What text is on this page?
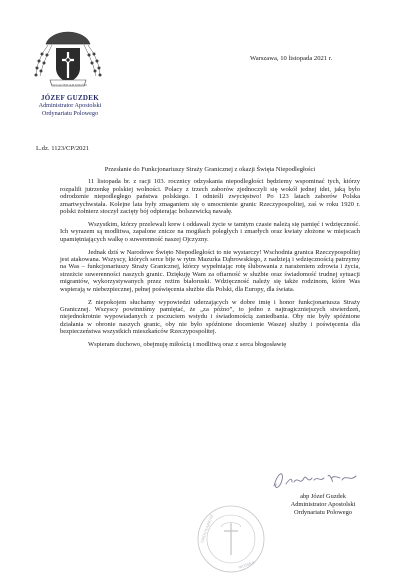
VIVO AUTEM IAM NON EGO
JÓZEF GUZDEK
Administrator Apostolski
Ordynariatu Polowego
Warszawa, 10 listopada 2021 r.
L.dz. 1123/CP/2021

Przesłanie do Funkcjonariuszy Straży Granicznej z okazji Święta Niepodległości

11 listopada br. z racji 103. rocznicy odzyskania niepodległości będziemy wspominać tych, którzy rozpalili jutrzenkę polskiej wolności. Polacy z trzech zaborów zjednoczyli się wokół jednej idei, jaką było odrodzenie niepodległego państwa polskiego. I odnieśli zwycięstwo! Po 123 latach zaborów Polska zmartwychwstała. Kolejne lata były zmaganiem się o umocnienie granic Rzeczypospolitej, zaś w roku 1920 r. polski żołnierz stoczył zacięty bój odpierając bolszewicką nawałę.

Wszystkim, którzy przelewali krew i oddawali życie w tamtym czasie należą się pamięć i wdzięczność. Ich wyrazem są modlitwa, zapalone znicze na mogiłach poległych i zmarłych oraz kwiaty złożone w miejscach upamiętniających walkę o suwerenność naszej Ojczyzny.

Jednak dziś w Narodowe Święto Niepodległości to nie wystarczy! Wschodnia granica Rzeczypospolitej jest atakowana. Wszyscy, których serce bije w rytm Mazurka Dąbrowskiego, z nadzieją i wdzięcznością patrzymy na Was – funkcjonariuszy Straży Granicznej, którzy wypełniając rotę ślubowania z narażeniem zdrowia i życia, strzeżcie suwerenności naszych granic. Dziękuję Wam za ofiarność w służbie oraz świadomość trudnej sytuacji migrantów, wykorzystywanych przez reżim białoruski. Wdzięczność należy się także rodzinom, które Was wspierają w niebezpiecznej, pełnej poświęcenia służbie dla Polski, dla Europy, dla świata.

Z niepokojem słuchamy wypowiedzi uderzających w dobre imię i honor funkcjonariusza Straży Granicznej. Wszyscy powinniśmy pamiętać, że „za późno”, to jedno z najtragiczniejszych stwierdzeń, niejednokrotnie wypowiadanych z poczuciem wstydu i świadomością zaniedbania. Oby nie były spóźnione działania w obronie naszych granic, oby nie było spóźnione docenienie Waszej służby i poświęcenia dla bezpieczeństwa wszystkich mieszkańców Rzeczypospolitej.

Wspieram duchowo, obejmuję miłością i modlitwą oraz z serca błogosławię

ORDYNARIUSZ
WOJSKA
abp Józef Guzdek
Administrator Apostolski
Ordynariatu Polowego
